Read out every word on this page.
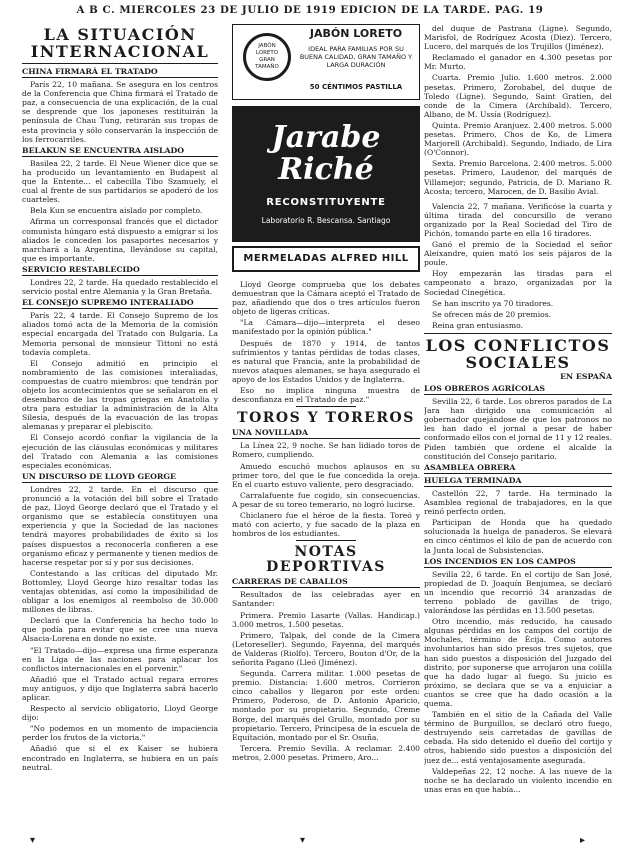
A B C. MIERCOLES 23 DE JULIO DE 1919 EDICION DE LA TARDE. PAG. 19
LA SITUACIÓN
INTERNACIONAL
CHINA FIRMARÁ EL TRATADO

París 22, 10 mañana. Se asegura en los centros de la Conferencia que China firmará el Tratado de paz, a consecuencia de una explicación, de la cual se desprende que los japoneses restituirán la península de Chau Tung, retirarán sus tropas de esta provincia y sólo conservarán la inspección de los ferrocarriles.

BELAKUN SE ENCUENTRA AISLADO

Basilea 22, 2 tarde. El Neue Wiener dice que se ha producido un levantamiento en Budapest al que la Entente... el cabecilla Tibo Szamuely, el cual al frente de sus partidarios se apoderó de los cuarteles.

Bela Kun se encuentra aislado por completo.

Afirma un corresponsal francés que el dictador comunista húngaro está dispuesto a emigrar si los aliados le conceden los pasaportes necesarios y marchará a la Argentina, llevándose su capital, que es importante.

SERVICIO RESTABLECIDO

Londres 22, 2 tarde. Ha quedado restablecido el servicio postal entre Alemania y la Gran Bretaña.

EL CONSEJO SUPREMO INTERALIADO

París 22, 4 tarde. El Consejo Supremo de los aliados tomó acta de la Memoria de la comisión especial encargada del Tratado con Bulgaria. La Memoria personal de monsieur Tittoni no está todavía completa.

El Consejo admitió en principio el nombramiento de las comisiones interaliadas, compuestas de cuatro miembros: que tendrán por objeto los acontecimientos que se señalaron en el desembarco de las tropas griegas en Anatolia y otra para estudiar la administración de la Alta Silesia, después de la evacuación de las tropas alemanas y preparar el plebiscito.

El Consejo acordó confiar la vigilancia de la ejecución de las cláusulas económicas y militares del Tratado con Alemania a las comisiones especiales económicas.

UN DISCURSO DE LLOYD GEORGE

Londres 22, 2 tarde. En el discurso que pronunció a la votación del bill sobre el Tratado de paz, Lloyd George declaró que el Tratado y el organismo que se establecía constituyen una experiencia y que la Sociedad de las naciones tendrá mayores probabilidades de éxito si los países dispuestos a reconocerla confieren a ese organismo eficaz y permanente y tienen medios de hacerse respetar por sí y por sus decisiones.

Contestando a las críticas del diputado Mr. Bottomley, Lloyd George hizo resaltar todas las ventajas obtenidas, así como la imposibilidad de obligar a los enemigos al reembolso de 30.000 millones de libras.

Declaró que la Conferencia ha hecho todo lo que podía para evitar que se cree una nueva Alsacia-Lorena en donde no existe.

"El Tratado—dijo—expresa una firme esperanza en la Liga de las naciones para aplacar los conflictos internacionales en el porvenir."

Añadió que el Tratado actual repara errores muy antiguos, y dijo que Inglaterra sabrá hacerlo aplicar.

Respecto al servicio obligatorio, Lloyd George dijo:

"No podemos en un momento de impaciencia perder los frutos de la victoria."

Añadió que si el ex Kaiser se hubiera encontrado en Inglaterra, se hubiera en un país neutral.

JABÓN LORETO GRAN TAMAÑO
JABÓN LORETO
IDEAL PARA FAMILIAS POR SU BUENA CALIDAD, GRAN TAMAÑO Y LARGA DURACIÓN
50 CÉNTIMOS PASTILLA
Jarabe Riché
RECONSTITUYENTE
Laboratorio R. Bescansa. Santiago
MERMELADAS ALFRED HILL

Lloyd George comprueba que los debates demuestran que la Cámara aceptó el Tratado de paz, añadiendo que dos o tres artículos fueron objeto de ligeras críticas.

"La Cámara—dijo—interpreta el deseo manifestado por la opinión pública."

Después de 1870 y 1914, de tantos sufrimientos y tantas pérdidas de todas clases, es natural que Francia, ante la probabilidad de nuevos ataques alemanes, se haya asegurado el apoyo de los Estados Unidos y de Inglaterra.

Eso no implica ninguna muestra de desconfianza en el Tratado de paz."

TOROS Y TOREROS
UNA NOVILLADA

La Línea 22, 9 noche. Se han lidiado toros de Romero, cumpliendo.

Amuedo escuchó muchos aplausos en su primer toro, del que le fue concedida la oreja. En el cuarto estuvo valiente, pero desgraciado.

Carralafuente fue cogido, sin consecuencias. A pesar de su toreo temerario, no logró lucirse.

Chiclanero fue el héroe de la fiesta. Toreó y mató con acierto, y fue sacado de la plaza en hombros de los estudiantes.

NOTAS DEPORTIVAS
CARRERAS DE CABALLOS

Resultados de las celebradas ayer en Santander:

Primera. Premio Lasarte (Vallas. Handicap.) 3.000 metros, 1.500 pesetas.

Primero, Talpak, del conde de la Cimera (Letoreseller). Segundo, Fayenna, del marqués de Valderas (Riolfo). Tercero, Bouton d'Or, de la señorita Pagano (Lleó (Jiménez).

Segunda. Carrera militar. 1.000 pesetas de premio. Distancia: 1.600 metros. Corrieron cinco caballos y llegaron por este orden: Primero, Poderoso, de D. Antonio Aparicio, montado por su propietario. Segundo, Creme Borge, del marqués del Grullo, montado por su propietario. Tercero, Principesa de la escuela de Equitación, montado por el Sr. Osuña.

Tercera. Premio Sevilla. A reclamar. 2.400 metros, 2.000 pesetas. Primero, Aro...

del duque de Pastrana (Ligne). Segundo, Marisfol, de Rodríguez Acosta (Diez). Tercero, Lucero, del marqués de los Trujillos (Jiménez).

Reclamado el ganador en 4.300 pesetas por Mr. Murto.

Cuarta. Premio Julio. 1.600 metros. 2.000 pesetas. Primero, Zorobabel, del duque de Toledo (Ligne). Segundo, Saint Gratien, del conde de la Cimera (Archibald). Tercero, Albano, de M. Ussía (Rodríguez).

Quinta. Premio Aranjuez. 2.400 metros. 5.000 pesetas. Primero, Chos de Ko, de Limera Marjorell (Archibald). Segundo, Indiado, de Lira (O'Connor).

Sexta. Premio Barcelona. 2.400 metros. 5.000 pesetas. Primero, Laudenor, del marqués de Villamejor; segundo, Patricia, de D. Mariano R. Acosta; tercero, Marocen, de D. Basilio Avial.

Valencia 22, 7 mañana. Verificóse la cuarta y última tirada del concursillo de verano organizado por la Real Sociedad del Tiro de Pichón, tomando parte en ella 16 tiradores.

Ganó el premio de la Sociedad el señor Aleixandre, quien mató los seis pájaros de la poule.

Hoy empezarán las tiradas para el campeonato a brazo, organizadas por la Sociedad Cinegética.

Se han inscrito ya 70 tiradores.

Se ofrecen más de 20 premios.

Reina gran entusiasmo.

LOS CONFLICTOS
SOCIALES
EN ESPAÑA
LOS OBREROS AGRÍCOLAS

Sevilla 22, 6 tarde. Los obreros parados de La Jara han dirigido una comunicación al gobernador quejándose de que los patronos no les han dado el jornal a pesar de haber conformado ellos con el jornal de 11 y 12 reales. Piden también que ordene el alcalde la constitución del Consejo paritario.

ASAMBLEA OBRERA
HUELGA TERMINADA

Castellón 22, 7 tarde. Ha terminado la Asamblea regional de trabajadores, en la que reinó perfecto orden.

Participan de Honda que ha quedado solucionada la huelga de panaderos. Se elevará en cinco céntimos el kilo de pan de acuerdo con la Junta local de Subsistencias.

LOS INCENDIOS EN LOS CAMPOS

Sevilla 22, 6 tarde. En el cortijo de San José, propiedad de D. Joaquín Benjumea, se declaró un incendio que recorrió 34 aranzadas de terreno poblado de gavillas de trigo, valorándose las pérdidas en 13.500 pesetas.

Otro incendio, más reducido, ha causado algunas pérdidas en los campos del cortijo de Mochales, término de Écija. Como autores involuntarios han sido presos tres sujetos, que han sido puestos a disposición del Juzgado del distrito, por suponerse que arrojaron una colilla que ha dado lugar al fuego. Su juicio es próximo, se declara que se va a enjuiciar a cuantos se cree que ha dado ocasión a la quema.

También en el sitio de la Cañada del Valle término de Burguillos, se declaró otro fuego, destruyendo seis carretadas de gavillas de cebada. Ha sido detenido el dueño del cortijo y otros, habiendo sido puestos a disposición del juez de... está ventajosamente asegurada.

Valdepeñas 22, 12 noche. A las nueve de la noche se ha declarado un violento incendio en unas eras en que había...

▾	▾	▸
